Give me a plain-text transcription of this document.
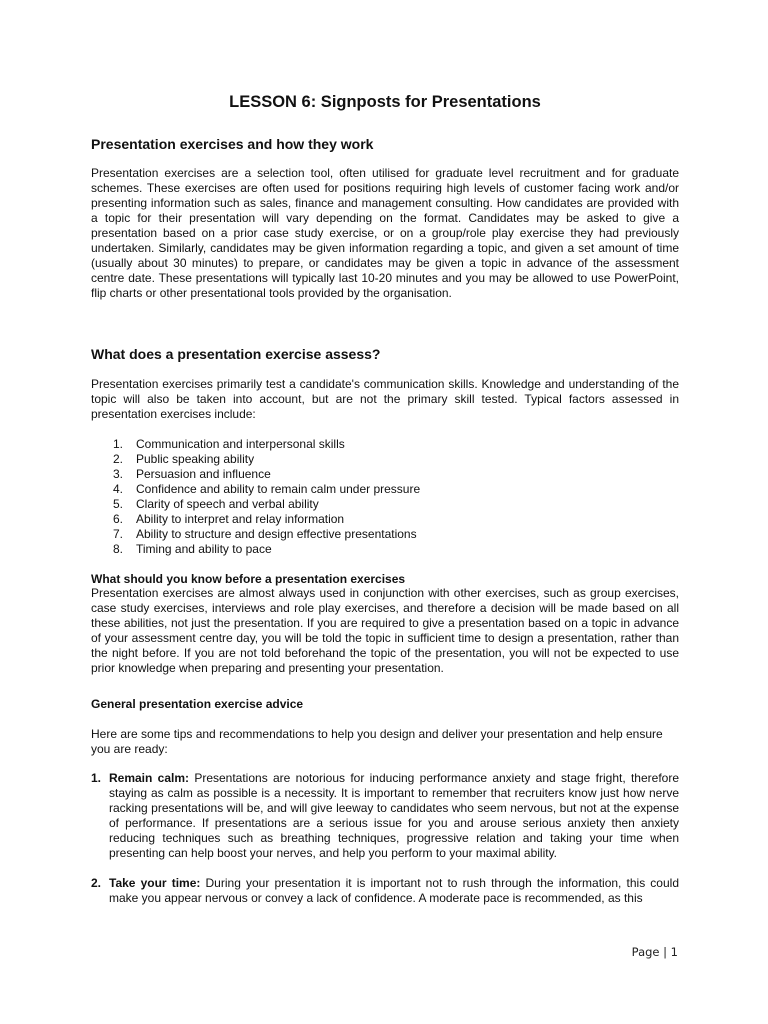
LESSON 6: Signposts for Presentations
Presentation exercises and how they work

Presentation exercises are a selection tool, often utilised for graduate level recruitment and for graduate schemes. These exercises are often used for positions requiring high levels of customer facing work and/or presenting information such as sales, finance and management consulting. How candidates are provided with a topic for their presentation will vary depending on the format. Candidates may be asked to give a presentation based on a prior case study exercise, or on a group/role play exercise they had previously undertaken. Similarly, candidates may be given information regarding a topic, and given a set amount of time (usually about 30 minutes) to prepare, or candidates may be given a topic in advance of the assessment centre date. These presentations will typically last 10-20 minutes and you may be allowed to use PowerPoint, flip charts or other presentational tools provided by the organisation.

What does a presentation exercise assess?

Presentation exercises primarily test a candidate's communication skills. Knowledge and understanding of the topic will also be taken into account, but are not the primary skill tested. Typical factors assessed in presentation exercises include:

1. Communication and interpersonal skills
2. Public speaking ability
3. Persuasion and influence
4. Confidence and ability to remain calm under pressure
5. Clarity of speech and verbal ability
6. Ability to interpret and relay information
7. Ability to structure and design effective presentations
8. Timing and ability to pace
What should you know before a presentation exercises

Presentation exercises are almost always used in conjunction with other exercises, such as group exercises, case study exercises, interviews and role play exercises, and therefore a decision will be made based on all these abilities, not just the presentation. If you are required to give a presentation based on a topic in advance of your assessment centre day, you will be told the topic in sufficient time to design a presentation, rather than the night before. If you are not told beforehand the topic of the presentation, you will not be expected to use prior knowledge when preparing and presenting your presentation.

General presentation exercise advice

Here are some tips and recommendations to help you design and deliver your presentation and help ensure you are ready:

1. Remain calm: Presentations are notorious for inducing performance anxiety and stage fright, therefore staying as calm as possible is a necessity. It is important to remember that recruiters know just how nerve racking presentations will be, and will give leeway to candidates who seem nervous, but not at the expense of performance. If presentations are a serious issue for you and arouse serious anxiety then anxiety reducing techniques such as breathing techniques, progressive relation and taking your time when presenting can help boost your nerves, and help you perform to your maximal ability.
2. Take your time: During your presentation it is important not to rush through the information, this could make you appear nervous or convey a lack of confidence. A moderate pace is recommended, as this
Page | 1
